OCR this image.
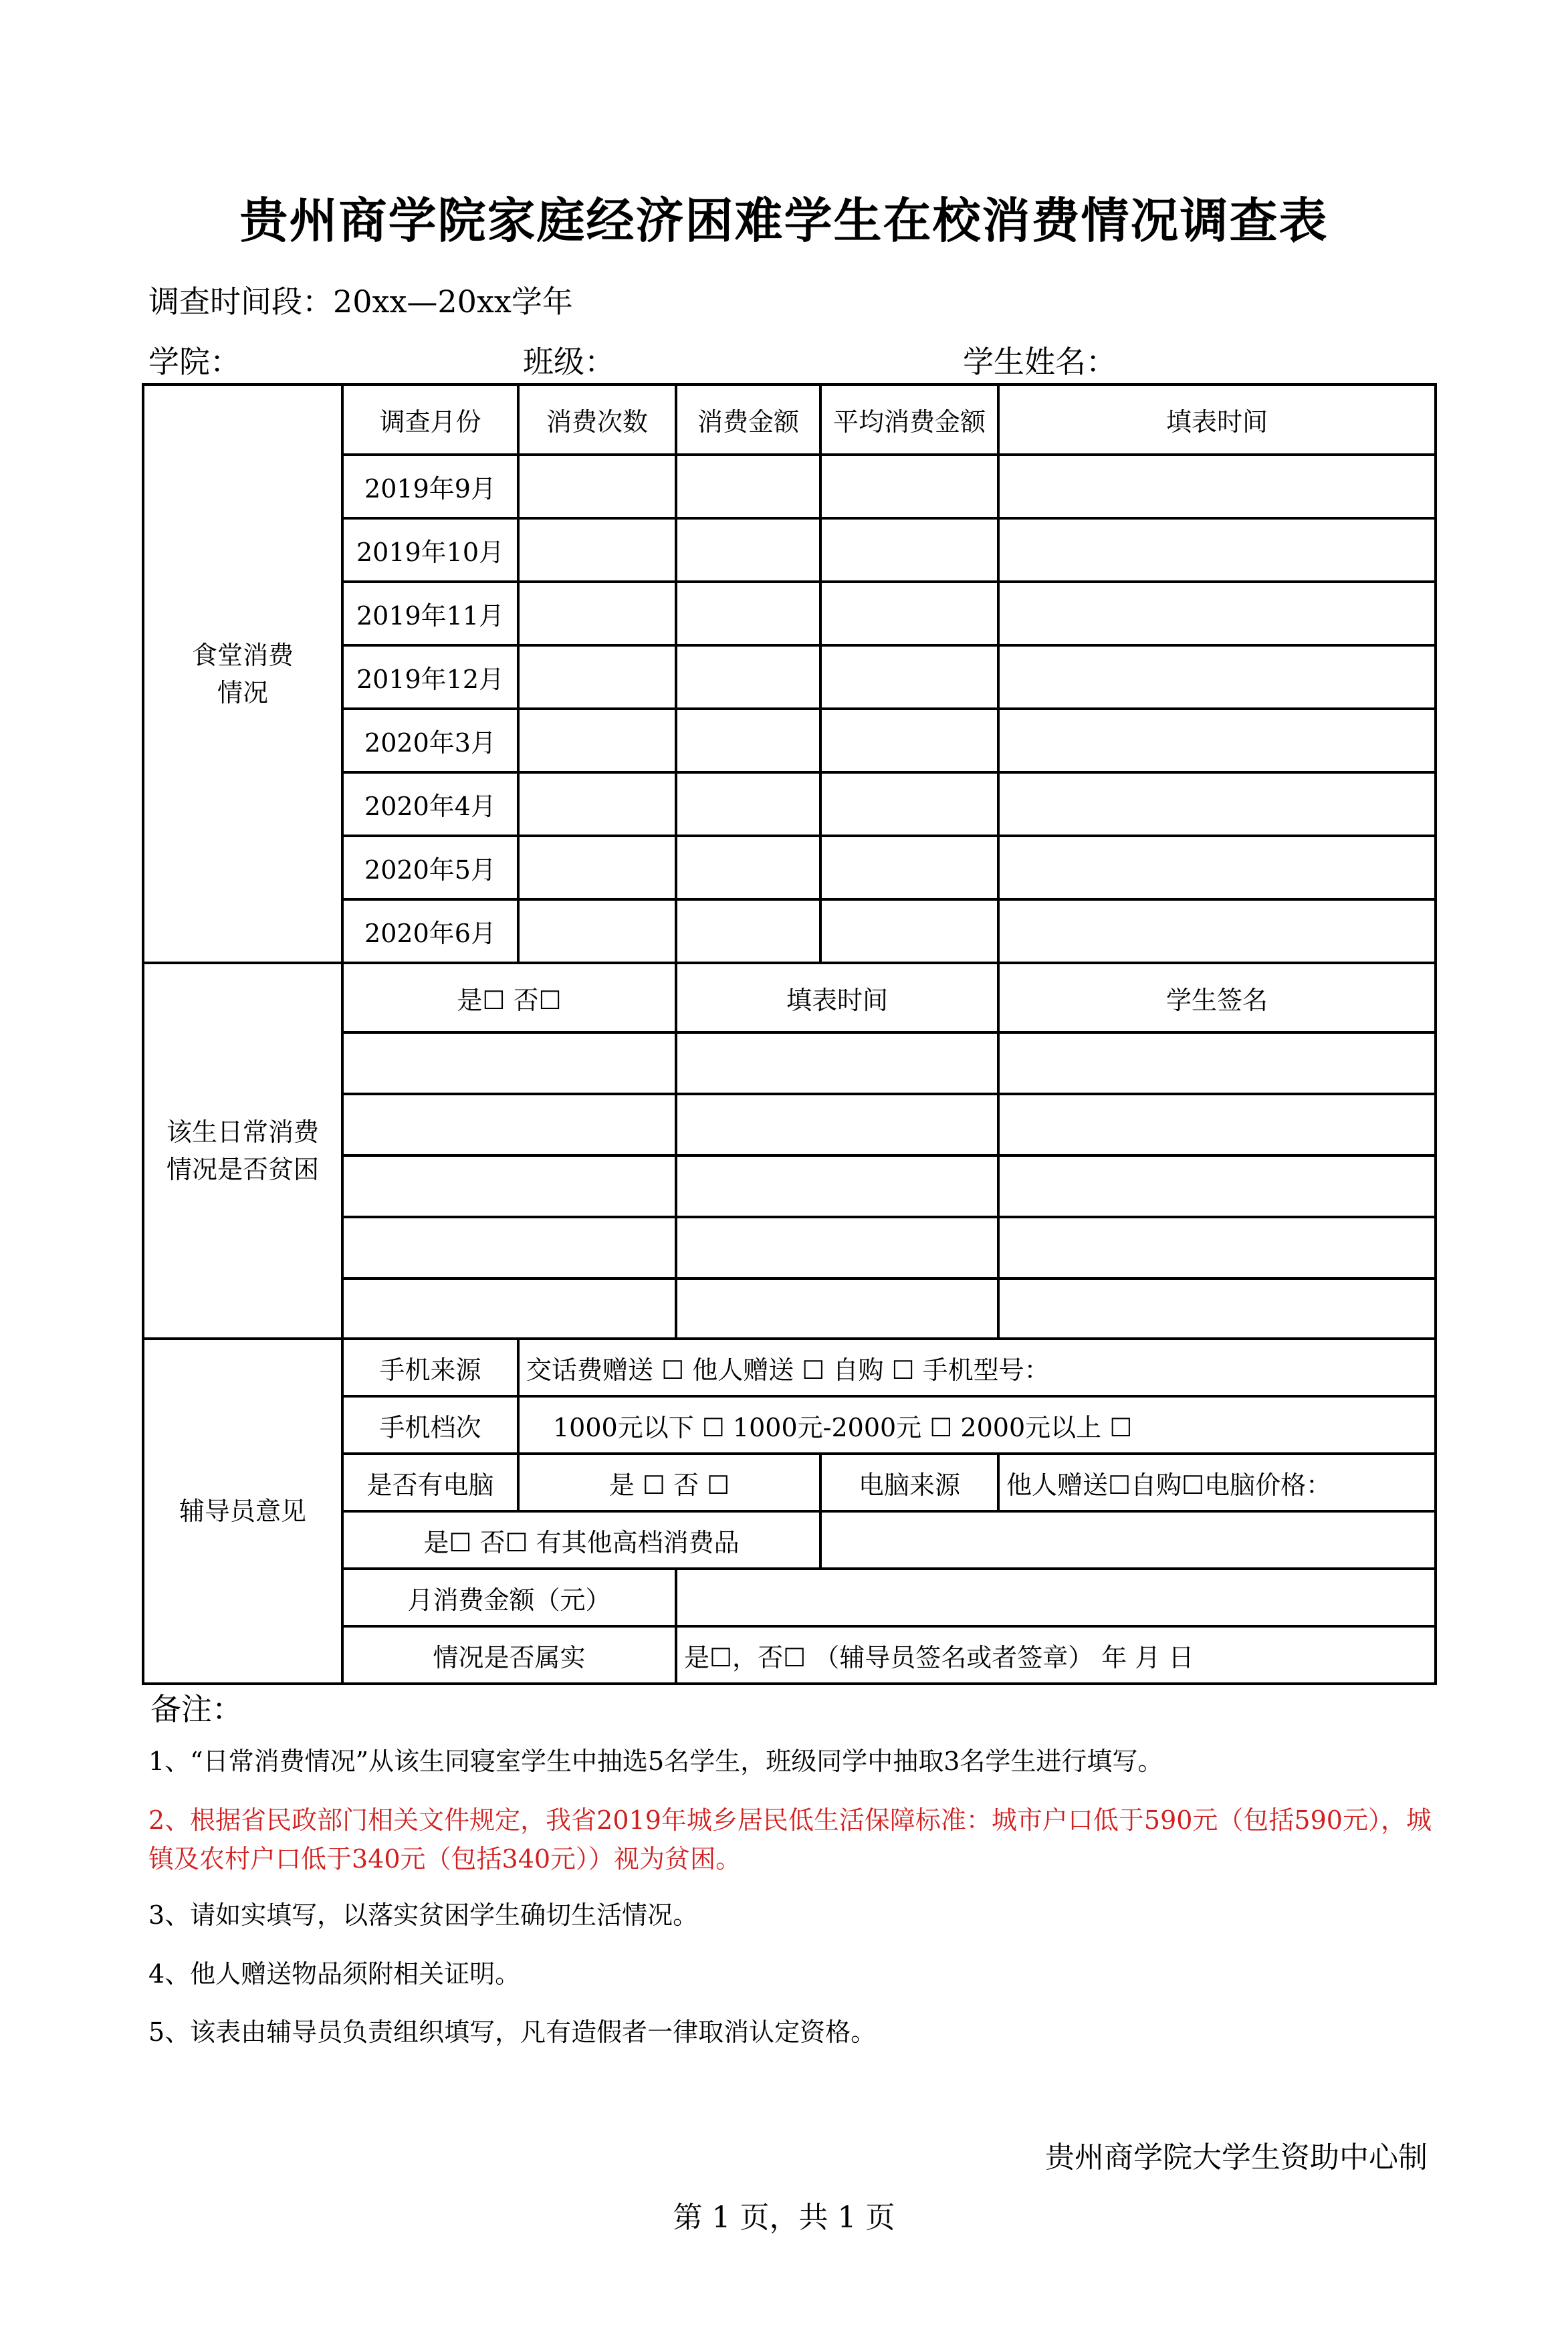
贵州商学院家庭经济困难学生在校消费情况调查表
调查时间段：20xx—20xx学年
学院：	班级：	学生姓名：
食堂消费情况	调查月份	消费次数	消费金额	平均消费金额	填表时间
	2019年9月				
	2019年10月				
	2019年11月				
	2019年12月				
	2020年3月				
	2020年4月				
	2020年5月				
	2020年6月				

该生日常消费情况是否贫困	是☐ 否☐		填表时间		学生签名

辅导员意见	手机来源	交话费赠送 ☐ 他人赠送 ☐ 自购 ☐ 手机型号：			
	手机档次	1000元以下 ☐ 1000元-2000元 ☐ 2000元以上 ☐			
	是否有电脑	是 ☐ 否 ☐		电脑来源	他人赠送☐自购☐电脑价格：
	是☐ 否☐ 有其他高档消费品				
	月消费金额（元）				
	情况是否属实		是☐，否☐ （辅导员签名或者签章） 年 月 日		
备注：
1、“日常消费情况”从该生同寝室学生中抽选5名学生，班级同学中抽取3名学生进行填写。
2、根据省民政部门相关文件规定，我省2019年城乡居民低生活保障标准：城市户口低于590元（包括590元），城镇及农村户口低于340元（包括340元））视为贫困。
3、请如实填写，以落实贫困学生确切生活情况。
4、他人赠送物品须附相关证明。
5、该表由辅导员负责组织填写，凡有造假者一律取消认定资格。
贵州商学院大学生资助中心制
第 1 页，共 1 页
